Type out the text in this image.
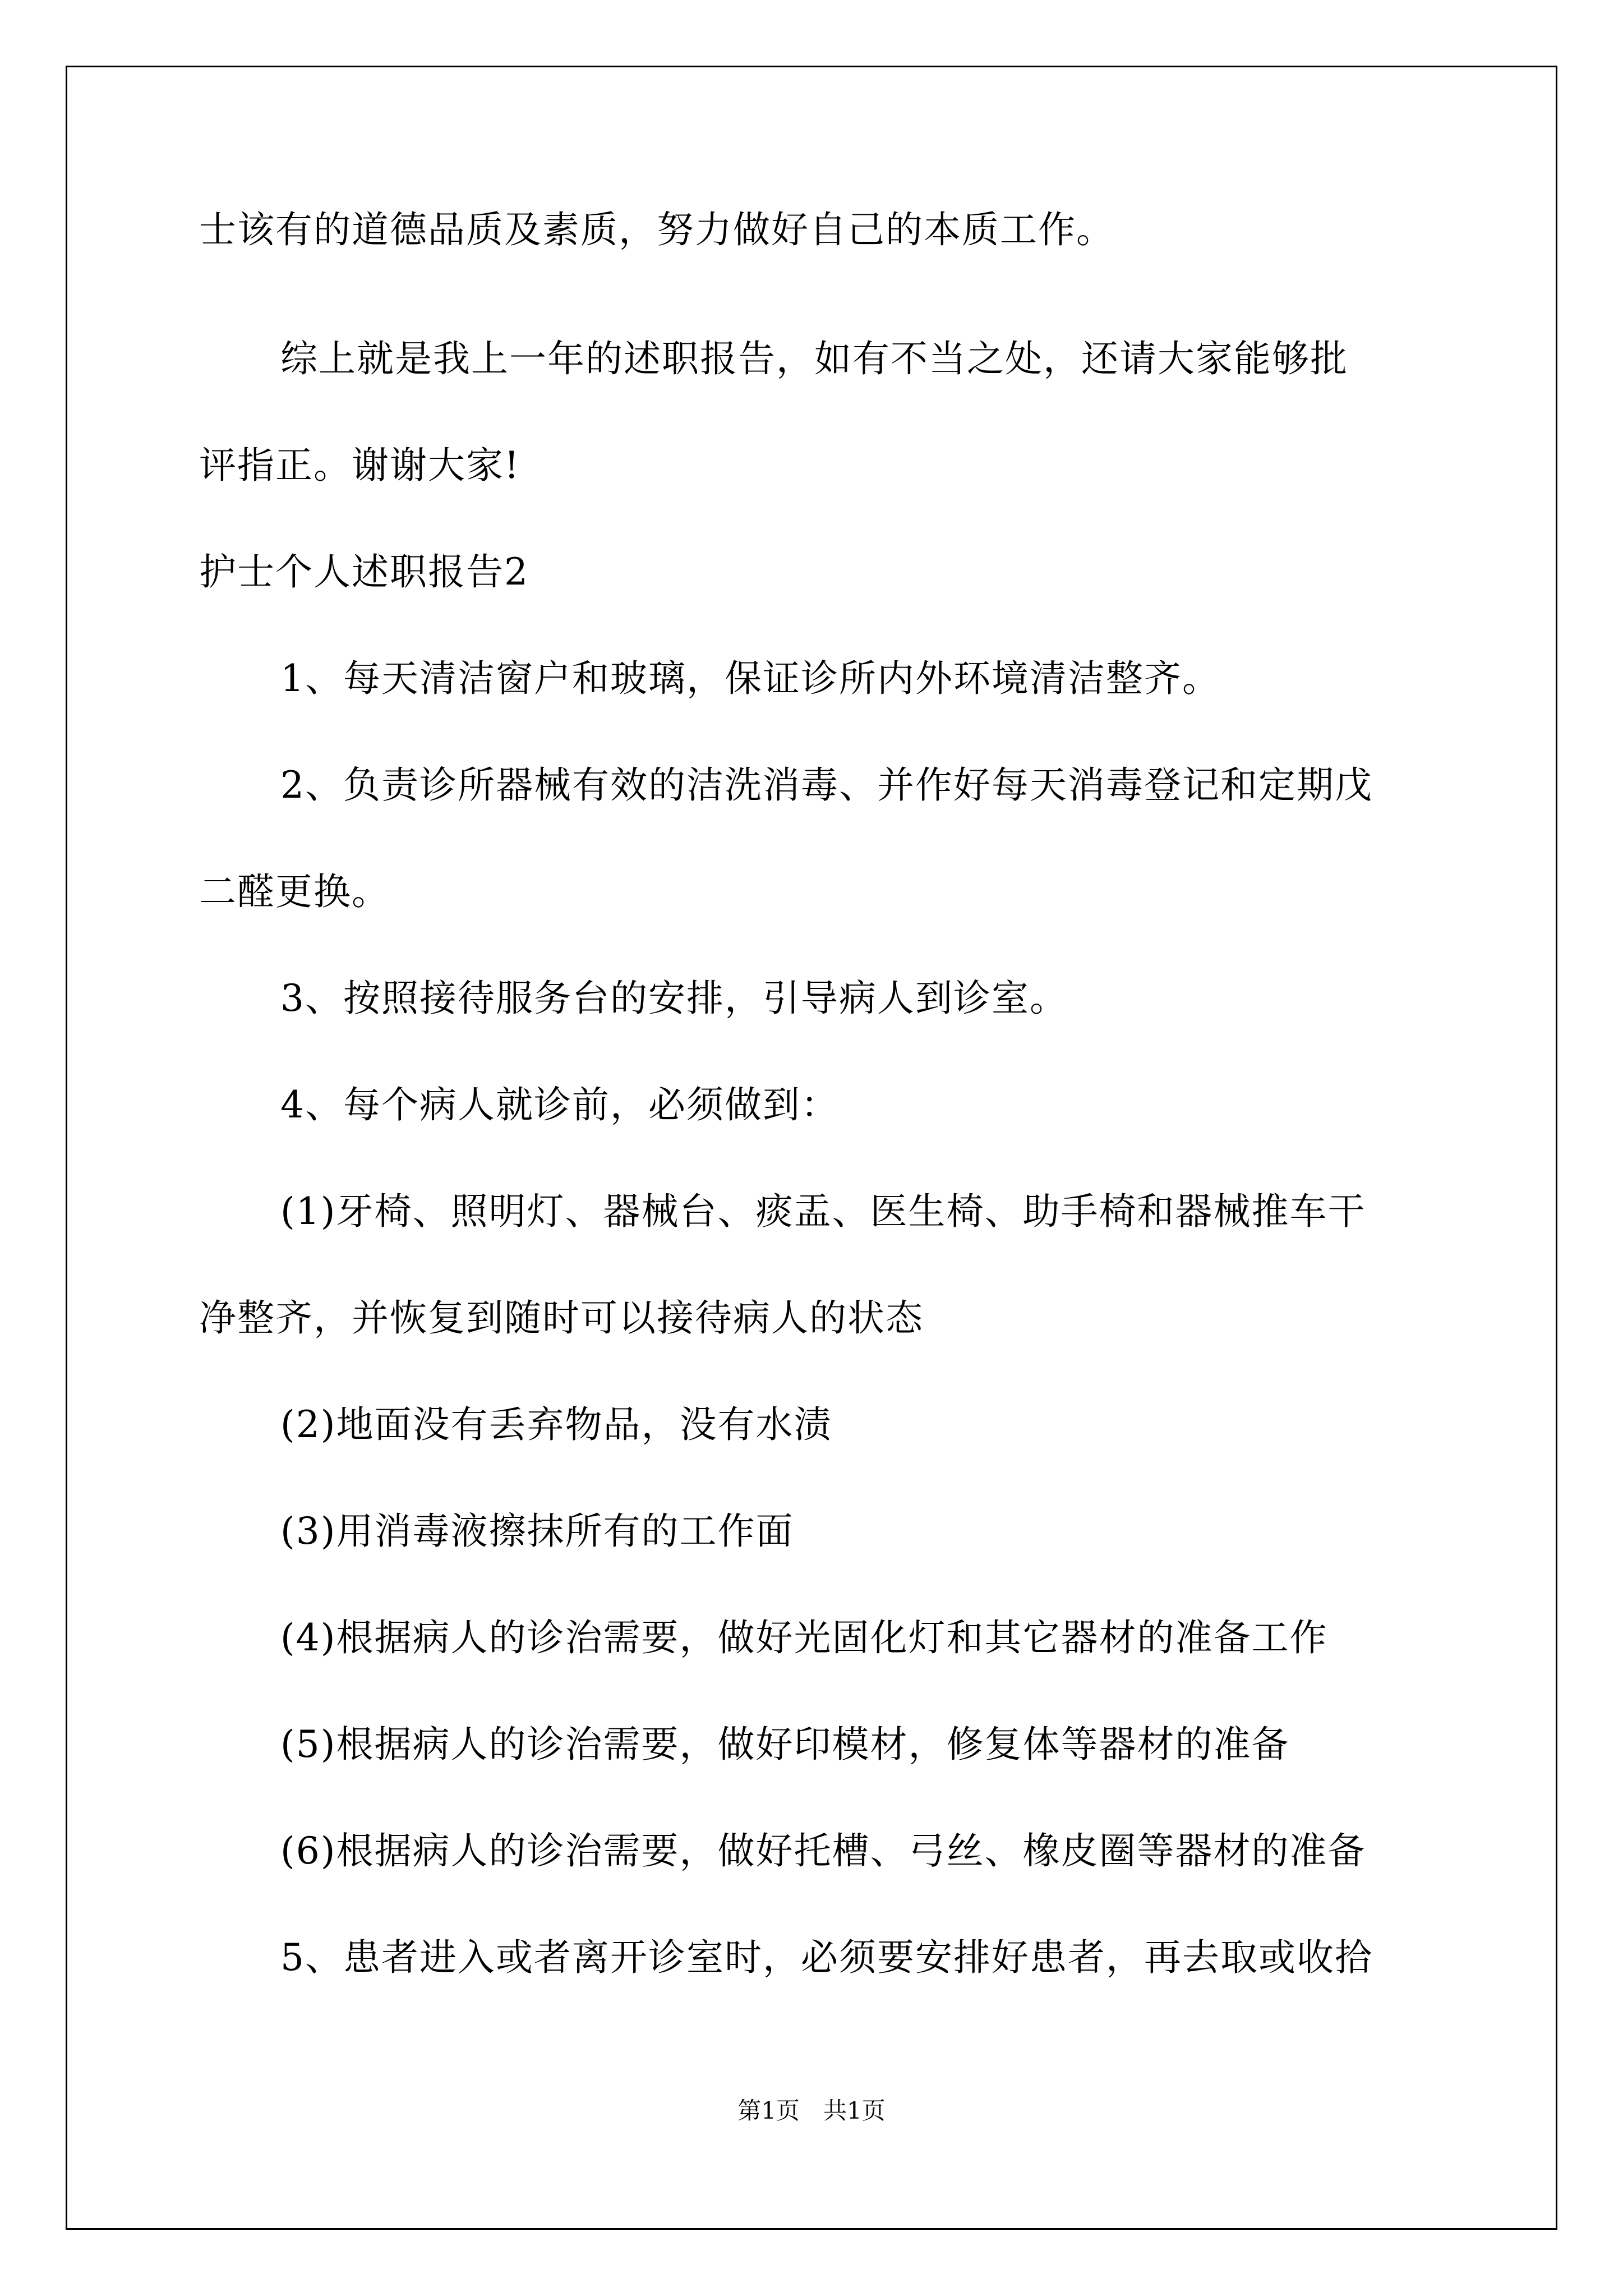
士该有的道德品质及素质，努力做好自己的本质工作。
综上就是我上一年的述职报告，如有不当之处，还请大家能够批
评指正。谢谢大家!
护士个人述职报告2
1、每天清洁窗户和玻璃，保证诊所内外环境清洁整齐。
2、负责诊所器械有效的洁洗消毒、并作好每天消毒登记和定期戊
二醛更换。
3、按照接待服务台的安排，引导病人到诊室。
4、每个病人就诊前，必须做到：
(1)牙椅、照明灯、器械台、痰盂、医生椅、助手椅和器械推车干
净整齐，并恢复到随时可以接待病人的状态
(2)地面没有丢弃物品，没有水渍
(3)用消毒液擦抹所有的工作面
(4)根据病人的诊治需要，做好光固化灯和其它器材的准备工作
(5)根据病人的诊治需要，做好印模材，修复体等器材的准备
(6)根据病人的诊治需要，做好托槽、弓丝、橡皮圈等器材的准备
5、患者进入或者离开诊室时，必须要安排好患者，再去取或收拾
第1页　共1页
